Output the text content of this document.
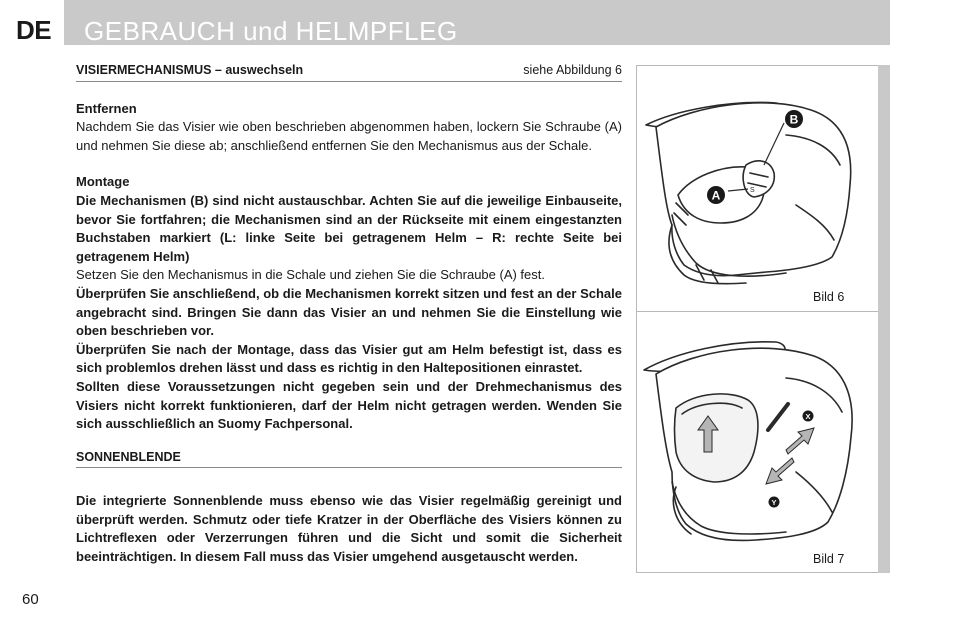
DE GEBRAUCH und HELMPFLEG
VISIERMECHANISMUS – auswechseln	siehe Abbildung 6
Entfernen

Nachdem Sie das Visier wie oben beschrieben abgenommen haben, lockern Sie Schraube (A) und nehmen Sie diese ab; anschließend entfernen Sie den Mechanismus aus der Schale.

Montage

Die Mechanismen (B) sind nicht austauschbar. Achten Sie auf die jeweilige Einbauseite, bevor Sie fortfahren; die Mechanismen sind an der Rückseite mit einem eingestanzten Buchstaben markiert (L: linke Seite bei getragenem Helm – R: rechte Seite bei getragenem Helm)

Setzen Sie den Mechanismus in die Schale und ziehen Sie die Schraube (A) fest.

Überprüfen Sie anschließend, ob die Mechanismen korrekt sitzen und fest an der Schale angebracht sind. Bringen Sie dann das Visier an und nehmen Sie die Einstellung wie oben beschrieben vor.

Überprüfen Sie nach der Montage, dass das Visier gut am Helm befestigt ist, dass es sich problemlos drehen lässt und dass es richtig in den Haltepositionen einrastet.

Sollten diese Voraussetzungen nicht gegeben sein und der Drehmechanismus des Visiers nicht korrekt funktionieren, darf der Helm nicht getragen werden. Wenden Sie sich ausschließlich an Suomy Fachpersonal.

SONNENBLENDE

Die integrierte Sonnenblende muss ebenso wie das Visier regelmäßig gereinigt und überprüft werden. Schmutz oder tiefe Kratzer in der Oberfläche des Visiers können zu Lichtreflexen oder Verzerrungen führen und die Sicht und somit die Sicherheit beeinträchtigen. In diesem Fall muss das Visier umgehend ausgetauscht werden.

60
A
B
S
Bild 6
X
Y
Bild 7
